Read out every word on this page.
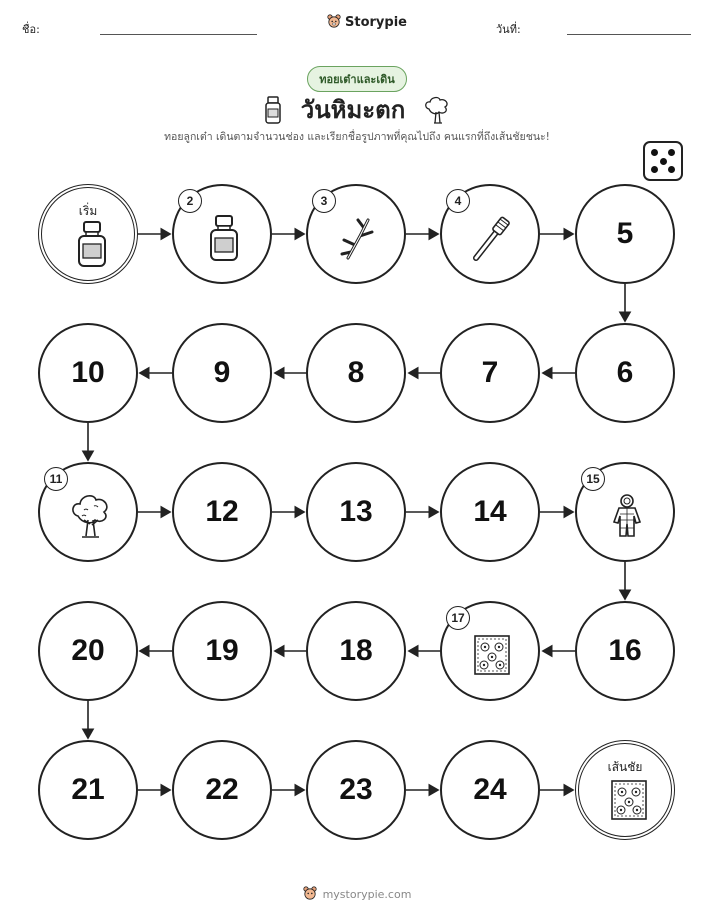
ชื่อ:	Storypie	วันที่:
ทอยเต๋าและเดิน
วันหิมะตก
ทอยลูกเต๋า เดินตามจำนวนช่อง และเรียกชื่อรูปภาพที่คุณไปถึง คนแรกที่ถึงเส้นชัยชนะ!
เริ่ม
2	3	4
5
6
7
8
9
10
11
12	13	14
15
16
17
18
19
20
21	22	23	24
เส้นชัย
mystorypie.com
